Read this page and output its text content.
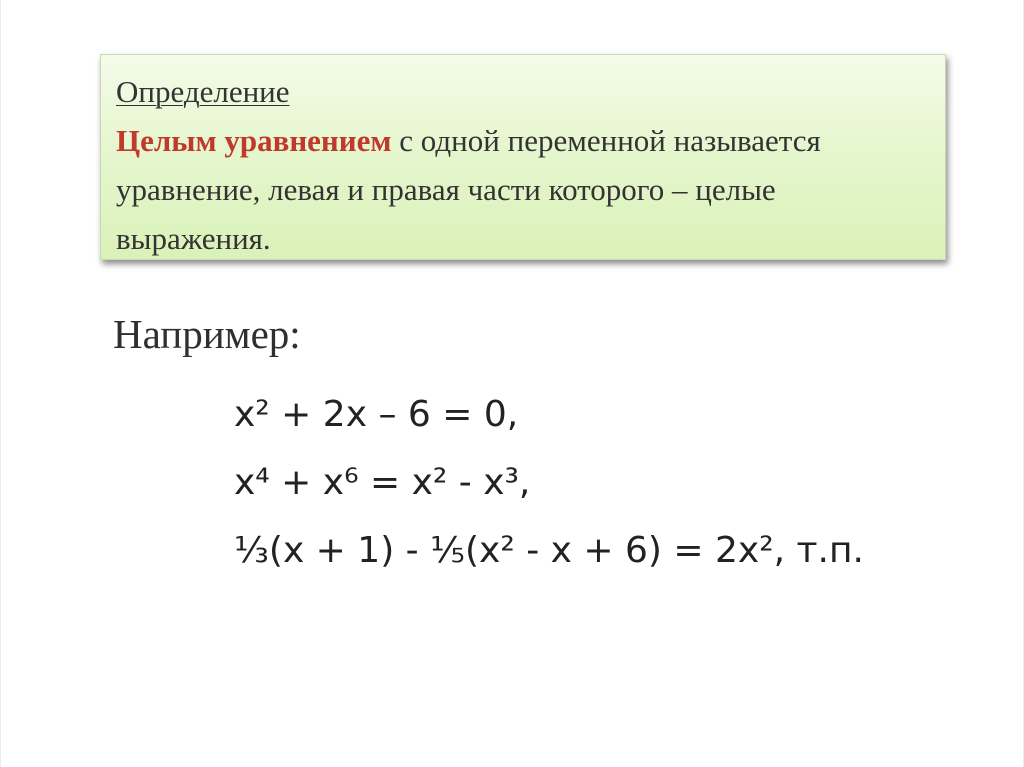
Определение
Целым уравнением с одной переменной называется уравнение, левая и правая части которого – целые выражения.
Например:
x² + 2x – 6 = 0,
x⁴ + x⁶ = x² - x³,
⅓(x + 1) - ⅕(x² - x + 6) = 2x², т.п.
